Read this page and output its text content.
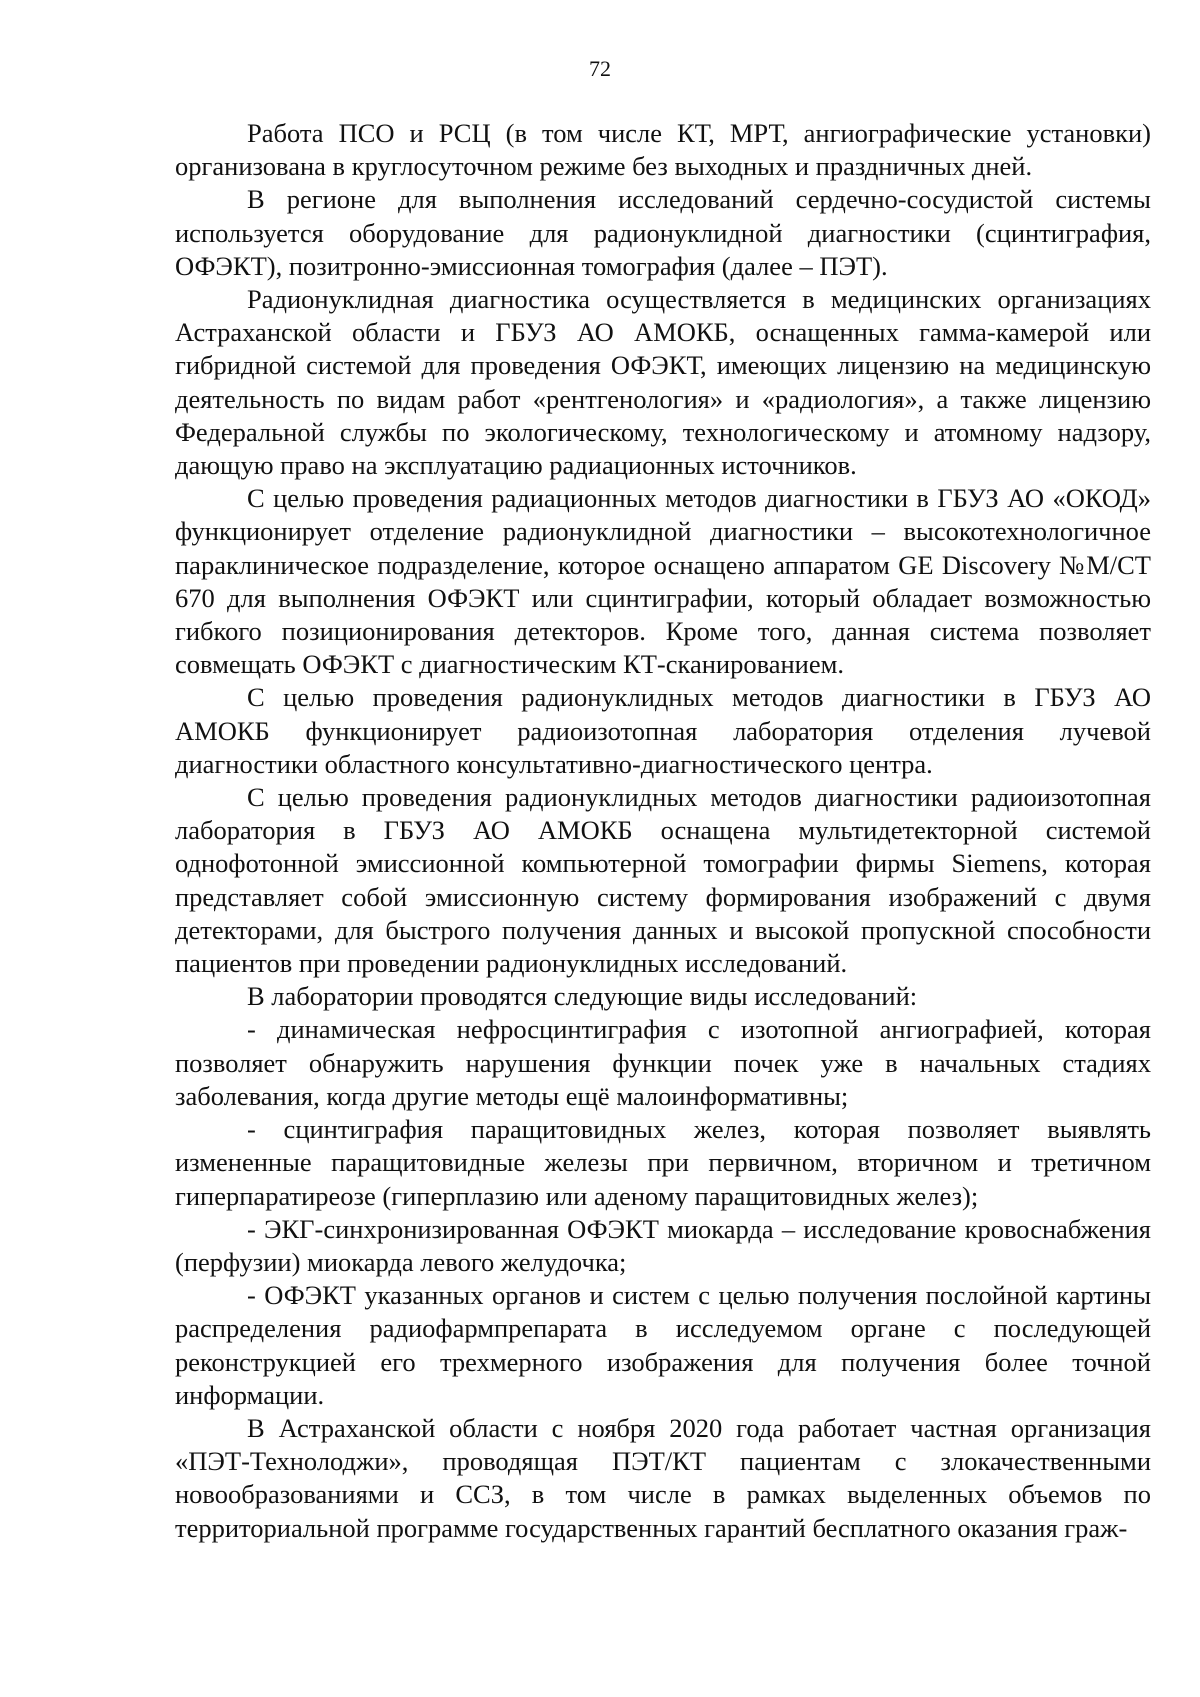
72

Работа ПСО и РСЦ (в том числе КТ, МРТ, ангиографические установки) организована в круглосуточном режиме без выходных и праздничных дней.

В регионе для выполнения исследований сердечно-сосудистой системы используется оборудование для радионуклидной диагностики (сцинтиграфия, ОФЭКТ), позитронно-эмиссионная томография (далее – ПЭТ).

Радионуклидная диагностика осуществляется в медицинских организациях Астраханской области и ГБУЗ АО АМОКБ, оснащенных гамма-камерой или гибридной системой для проведения ОФЭКТ, имеющих лицензию на медицинскую деятельность по видам работ «рентгенология» и «радиология», а также лицензию Федеральной службы по экологическому, технологическому и атомному надзору, дающую право на эксплуатацию радиационных источников.

С целью проведения радиационных методов диагностики в ГБУЗ АО «ОКОД» функционирует отделение радионуклидной диагностики – высокотехнологичное параклиническое подразделение, которое оснащено аппаратом GE Discovery №M/CT 670 для выполнения ОФЭКТ или сцинтиграфии, который обладает возможностью гибкого позиционирования детекторов. Кроме того, данная система позволяет совмещать ОФЭКТ с диагностическим КТ-сканированием.

С целью проведения радионуклидных методов диагностики в ГБУЗ АО АМОКБ функционирует радиоизотопная лаборатория отделения лучевой диагностики областного консультативно-диагностического центра.

С целью проведения радионуклидных методов диагностики радиоизотопная лаборатория в ГБУЗ АО АМОКБ оснащена мультидетекторной системой однофотонной эмиссионной компьютерной томографии фирмы Siemens, которая представляет собой эмиссионную систему формирования изображений с двумя детекторами, для быстрого получения данных и высокой пропускной способности пациентов при проведении радионуклидных исследований.

В лаборатории проводятся следующие виды исследований:

- динамическая нефросцинтиграфия с изотопной ангиографией, которая позволяет обнаружить нарушения функции почек уже в начальных стадиях заболевания, когда другие методы ещё малоинформативны;

- сцинтиграфия паращитовидных желез, которая позволяет выявлять измененные паращитовидные железы при первичном, вторичном и третичном гиперпаратиреозе (гиперплазию или аденому паращитовидных желез);

- ЭКГ-синхронизированная ОФЭКТ миокарда – исследование кровоснабжения (перфузии) миокарда левого желудочка;

- ОФЭКТ указанных органов и систем с целью получения послойной картины распределения радиофармпрепарата в исследуемом органе с последующей реконструкцией его трехмерного изображения для получения более точной информации.

В Астраханской области с ноября 2020 года работает частная организация «ПЭТ-Технолоджи», проводящая ПЭТ/КТ пациентам с злокачественными новообразованиями и ССЗ, в том числе в рамках выделенных объемов по территориальной программе государственных гарантий бесплатного оказания граж-
